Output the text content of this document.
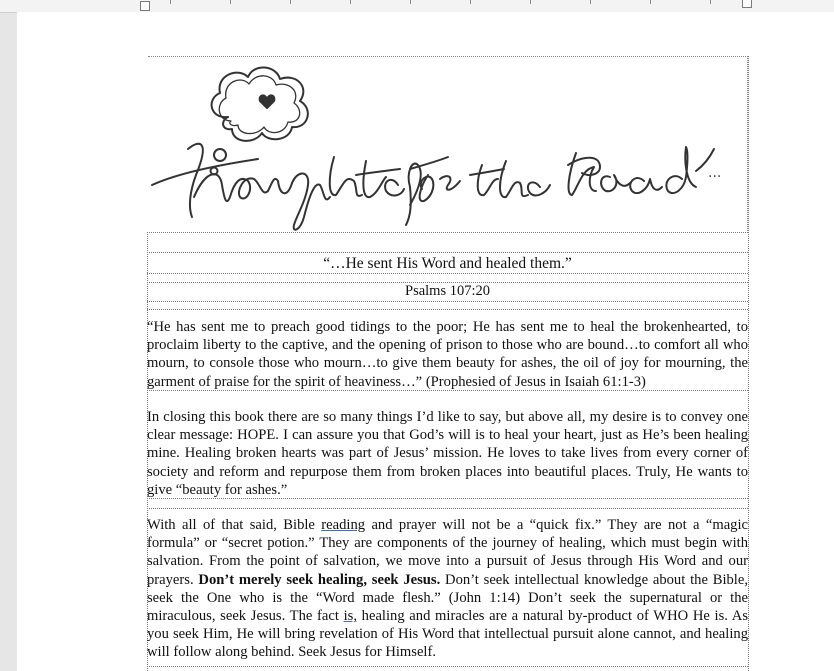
...
“…He sent His Word and healed them.”
Psalms 107:20

“He has sent me to preach good tidings to the poor; He has sent me to heal the brokenhearted, to proclaim liberty to the captive, and the opening of prison to those who are bound…to comfort all who mourn, to console those who mourn…to give them beauty for ashes, the oil of joy for mourning, the garment of praise for the spirit of heaviness…” (Prophesied of Jesus in Isaiah 61:1-3)

In closing this book there are so many things I’d like to say, but above all, my desire is to convey one clear message: HOPE. I can assure you that God’s will is to heal your heart, just as He’s been healing mine. Healing broken hearts was part of Jesus’ mission. He loves to take lives from every corner of society and reform and repurpose them from broken places into beautiful places. Truly, He wants to give “beauty for ashes.”

With all of that said, Bible reading and prayer will not be a “quick fix.” They are not a “magic formula” or “secret potion.” They are components of the journey of healing, which must begin with salvation. From the point of salvation, we move into a pursuit of Jesus through His Word and our prayers. Don’t merely seek healing, seek Jesus. Don’t seek intellectual knowledge about the Bible, seek the One who is the “Word made flesh.” (John 1:14) Don’t seek the supernatural or the miraculous, seek Jesus. The fact is, healing and miracles are a natural by-product of WHO He is. As you seek Him, He will bring revelation of His Word that intellectual pursuit alone cannot, and healing will follow along behind. Seek Jesus for Himself.
